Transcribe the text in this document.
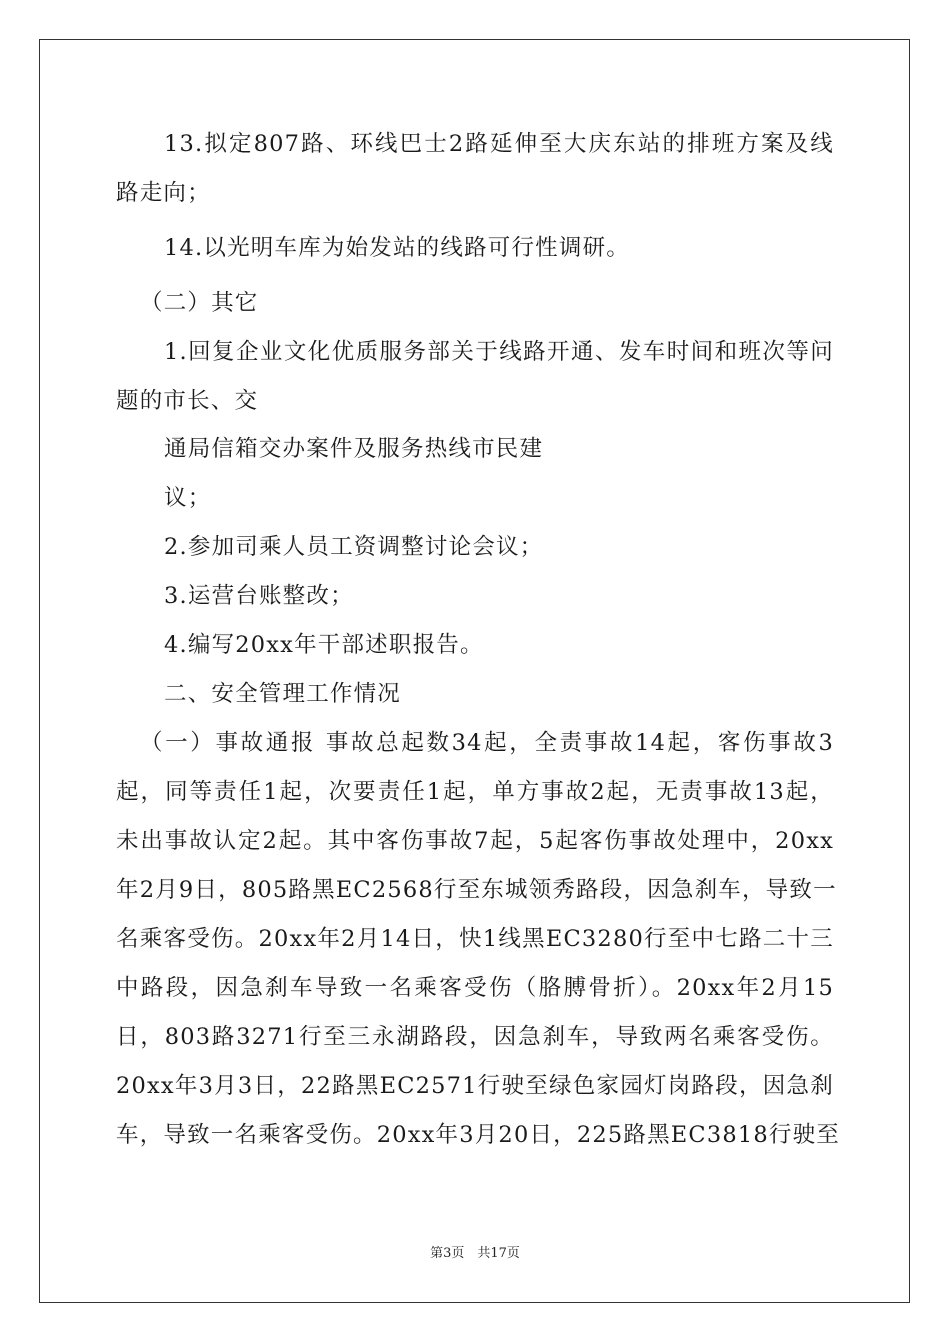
13.拟定807路、环线巴士2路延伸至大庆东站的排班方案及线
路走向；
14.以光明车库为始发站的线路可行性调研。
（二）其它
1.回复企业文化优质服务部关于线路开通、发车时间和班次等问
题的市长、交
通局信箱交办案件及服务热线市民建
议；
2.参加司乘人员工资调整讨论会议；
3.运营台账整改；
4.编写20xx年干部述职报告。
二、安全管理工作情况
（一）事故通报 事故总起数34起，全责事故14起，客伤事故3
起，同等责任1起，次要责任1起，单方事故2起，无责事故13起，
未出事故认定2起。其中客伤事故7起，5起客伤事故处理中，20xx
年2月9日，805路黑EC2568行至东城领秀路段，因急刹车，导致一
名乘客受伤。20xx年2月14日，快1线黑EC3280行至中七路二十三
中路段，因急刹车导致一名乘客受伤（胳膊骨折）。20xx年2月15
日，803路3271行至三永湖路段，因急刹车，导致两名乘客受伤。
20xx年3月3日，22路黑EC2571行驶至绿色家园灯岗路段，因急刹
车，导致一名乘客受伤。20xx年3月20日，225路黑EC3818行驶至
第3页　共17页
